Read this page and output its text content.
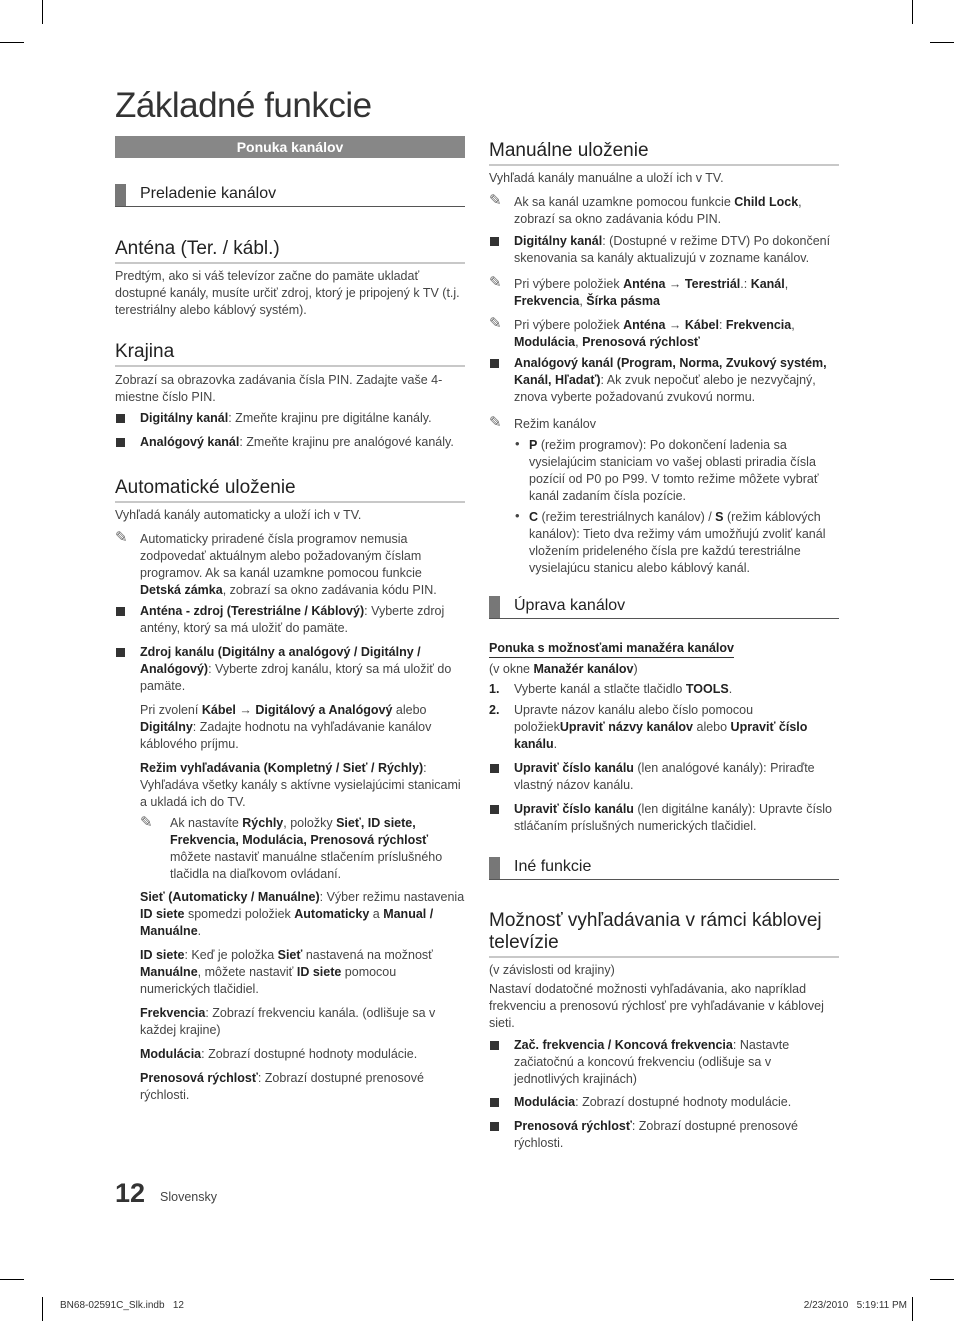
Základné funkcie
Ponuka kanálov
Preladenie kanálov
Anténa (Ter. / kábl.)
Predtým, ako si váš televízor začne do pamäte ukladať dostupné kanály, musíte určiť zdroj, ktorý je pripojený k TV (t.j. terestriálny alebo káblový systém).
Krajina
Zobrazí sa obrazovka zadávania čísla PIN. Zadajte vaše 4-miestne číslo PIN.
Digitálny kanál: Zmeňte krajinu pre digitálne kanály.
Analógový kanál: Zmeňte krajinu pre analógové kanály.
Automatické uloženie
Vyhľadá kanály automaticky a uloží ich v TV.
✎ Automaticky priradené čísla programov nemusia zodpovedať aktuálnym alebo požadovaným číslam programov. Ak sa kanál uzamkne pomocou funkcie Detská zámka, zobrazí sa okno zadávania kódu PIN.
Anténa - zdroj (Terestriálne / Káblový): Vyberte zdroj antény, ktorý sa má uložiť do pamäte.
Zdroj kanálu (Digitálny a analógový / Digitálny / Analógový): Vyberte zdroj kanálu, ktorý sa má uložiť do pamäte.
Pri zvolení Kábel → Digitálový a Analógový alebo Digitálny: Zadajte hodnotu na vyhľadávanie kanálov káblového príjmu.
Režim vyhľadávania (Kompletný / Sieť / Rýchly): Vyhľadáva všetky kanály s aktívne vysielajúcimi stanicami a ukladá ich do TV.
✎ Ak nastavíte Rýchly, položky Sieť, ID siete, Frekvencia, Modulácia, Prenosová rýchlosť môžete nastaviť manuálne stlačením príslušného tlačidla na diaľkovom ovládaní.
Sieť (Automaticky / Manuálne): Výber režimu nastavenia ID siete spomedzi položiek Automaticky a Manual / Manuálne.
ID siete: Keď je položka Sieť nastavená na možnosť Manuálne, môžete nastaviť ID siete pomocou numerických tlačidiel.
Frekvencia: Zobrazí frekvenciu kanála. (odlišuje sa v každej krajine)
Modulácia: Zobrazí dostupné hodnoty modulácie.
Prenosová rýchlosť: Zobrazí dostupné prenosové rýchlosti.
Manuálne uloženie
Vyhľadá kanály manuálne a uloží ich v TV.
✎ Ak sa kanál uzamkne pomocou funkcie Child Lock, zobrazí sa okno zadávania kódu PIN.
Digitálny kanál: (Dostupné v režime DTV) Po dokončení skenovania sa kanály aktualizujú v zozname kanálov.
✎ Pri výbere položiek Anténa → Terestriál.: Kanál, Frekvencia, Šírka pásma
✎ Pri výbere položiek Anténa → Kábel: Frekvencia, Modulácia, Prenosová rýchlosť
Analógový kanál (Program, Norma, Zvukový systém, Kanál, Hľadať): Ak zvuk nepočuť alebo je nezvyčajný, znova vyberte požadovanú zvukovú normu.
✎ Režim kanálov
• P (režim programov): Po dokončení ladenia sa vysielajúcim staniciam vo vašej oblasti priradia čísla pozícií od P0 po P99. V tomto režime môžete vybrať kanál zadaním čísla pozície.
• C (režim terestriálnych kanálov) / S (režim káblových kanálov): Tieto dva režimy vám umožňujú zvoliť kanál vložením prideleného čísla pre každú terestriálne vysielajúcu stanicu alebo káblový kanál.
Úprava kanálov
Ponuka s možnosťami manažéra kanálov
(v okne Manažér kanálov)
1. Vyberte kanál a stlačte tlačidlo TOOLS.
2. Upravte názov kanálu alebo číslo pomocou položiekUpraviť názvy kanálov alebo Upraviť číslo kanálu.
Upraviť číslo kanálu (len analógové kanály): Priraďte vlastný názov kanálu.
Upraviť číslo kanálu (len digitálne kanály): Upravte číslo stláčaním príslušných numerických tlačidiel.
Iné funkcie
Možnosť vyhľadávania v rámci káblovej televízie
(v závislosti od krajiny)
Nastaví dodatočné možnosti vyhľadávania, ako napríklad frekvenciu a prenosovú rýchlosť pre vyhľadávanie v káblovej sieti.
Zač. frekvencia / Koncová frekvencia: Nastavte začiatočnú a koncovú frekvenciu (odlišuje sa v jednotlivých krajinách)
Modulácia: Zobrazí dostupné hodnoty modulácie.
Prenosová rýchlosť: Zobrazí dostupné prenosové rýchlosti.
12 Slovensky
BN68-02591C_Slk.indb   12	2/23/2010   5:19:11 PM
